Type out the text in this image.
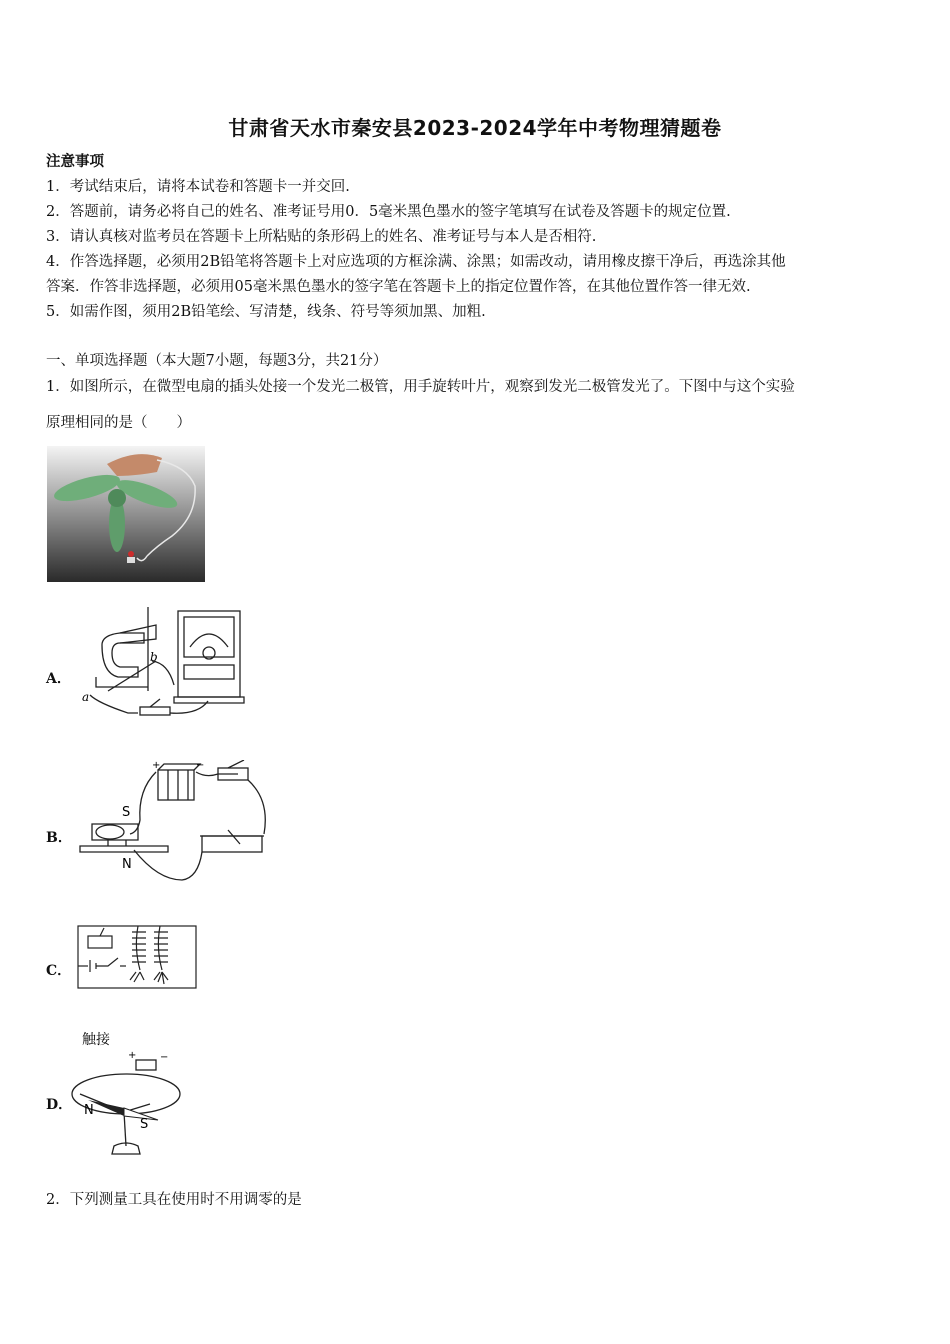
甘肃省天水市秦安县2023-2024学年中考物理猜题卷
注意事项
1．考试结束后，请将本试卷和答题卡一并交回.
2．答题前，请务必将自己的姓名、准考证号用0．5毫米黑色墨水的签字笔填写在试卷及答题卡的规定位置.
3．请认真核对监考员在答题卡上所粘贴的条形码上的姓名、准考证号与本人是否相符.
4．作答选择题，必须用2B铅笔将答题卡上对应选项的方框涂满、涂黑；如需改动，请用橡皮擦干净后，再选涂其他
答案．作答非选择题，必须用05毫米黑色墨水的签字笔在答题卡上的指定位置作答，在其他位置作答一律无效.
5．如需作图，须用2B铅笔绘、写清楚，线条、符号等须加黑、加粗.
一、单项选择题（本大题7小题，每题3分，共21分）
1．如图所示，在微型电扇的插头处接一个发光二极管，用手旋转叶片，观察到发光二极管发光了。下图中与这个实验
原理相同的是（　　）
A．
b
a
B．
S
N
+	−
C．
D．
触接
+ −
N
S
2．下列测量工具在使用时不用调零的是
